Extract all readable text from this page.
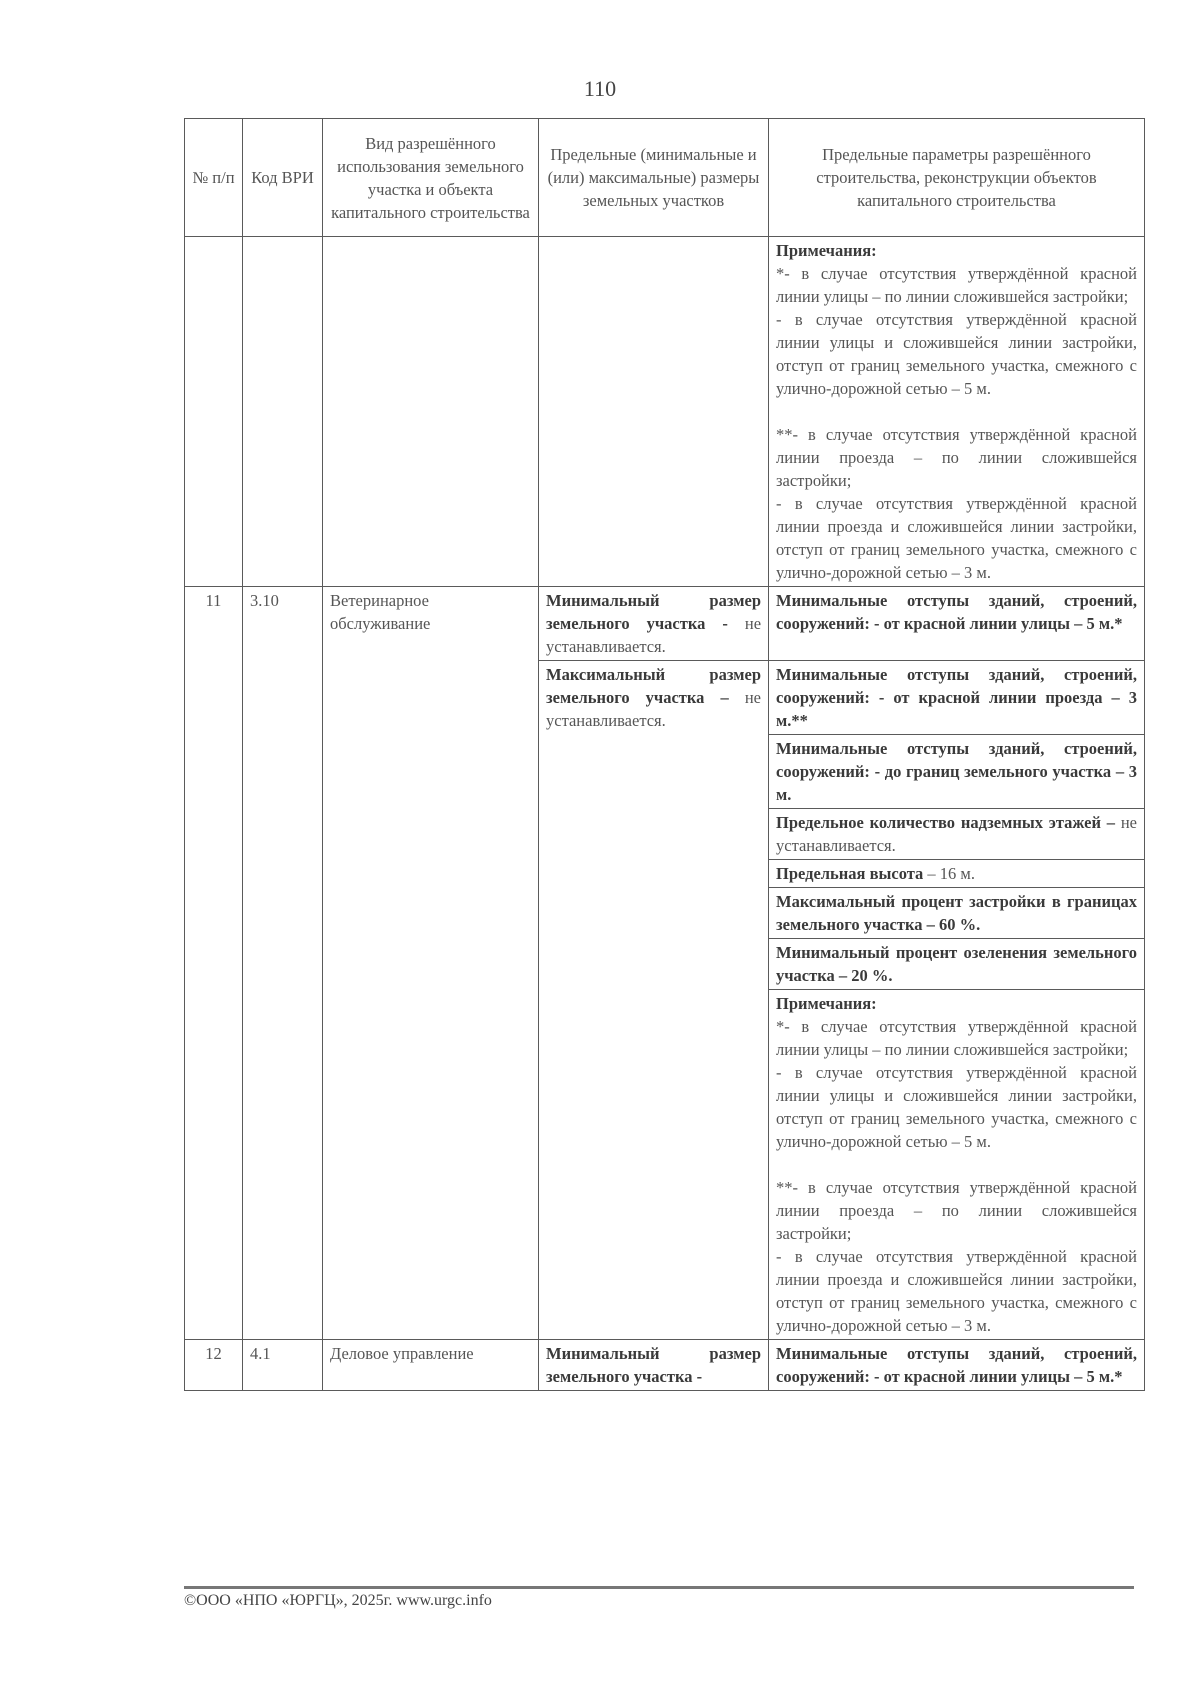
110
№ п/п	Код ВРИ	Вид разрешённого использования земельного участка и объекта капитального строительства	Предельные (минимальные и (или) максимальные) размеры земельных участков	Предельные параметры разрешённого строительства, реконструкции объектов капитального строительства

				Примечания:

*- в случае отсутствия утверждённой красной линии улицы – по линии сложившейся застройки;

- в случае отсутствия утверждённой красной линии улицы и сложившейся линии застройки, отступ от границ земельного участка, смежного с улично-дорожной сетью – 5 м.

**- в случае отсутствия утверждённой красной линии проезда – по линии сложившейся застройки;

- в случае отсутствия утверждённой красной линии проезда и сложившейся линии застройки, отступ от границ земельного участка, смежного с улично-дорожной сетью – 3 м.

11	3.10	Ветеринарное обслуживание	Минимальный размер земельного участка - не устанавливается.	Минимальные отступы зданий, строений, сооружений: - от красной линии улицы – 5 м.*
			Максимальный размер земельного участка – не устанавливается.	Минимальные отступы зданий, строений, сооружений: - от красной линии проезда – 3 м.**
				Минимальные отступы зданий, строений, сооружений: - до границ земельного участка – 3 м.
				Предельное количество надземных этажей – не устанавливается.
				Предельная высота – 16 м.
				Максимальный процент застройки в границах земельного участка – 60 %.
				Минимальный процент озеленения земельного участка – 20 %.

				Примечания:

*- в случае отсутствия утверждённой красной линии улицы – по линии сложившейся застройки;

- в случае отсутствия утверждённой красной линии улицы и сложившейся линии застройки, отступ от границ земельного участка, смежного с улично-дорожной сетью – 5 м.

**- в случае отсутствия утверждённой красной линии проезда – по линии сложившейся застройки;

- в случае отсутствия утверждённой красной линии проезда и сложившейся линии застройки, отступ от границ земельного участка, смежного с улично-дорожной сетью – 3 м.

12	4.1	Деловое управление	Минимальный размер земельного участка -	Минимальные отступы зданий, строений, сооружений: - от красной линии улицы – 5 м.*
©ООО «НПО «ЮРГЦ», 2025г. www.urgc.info
